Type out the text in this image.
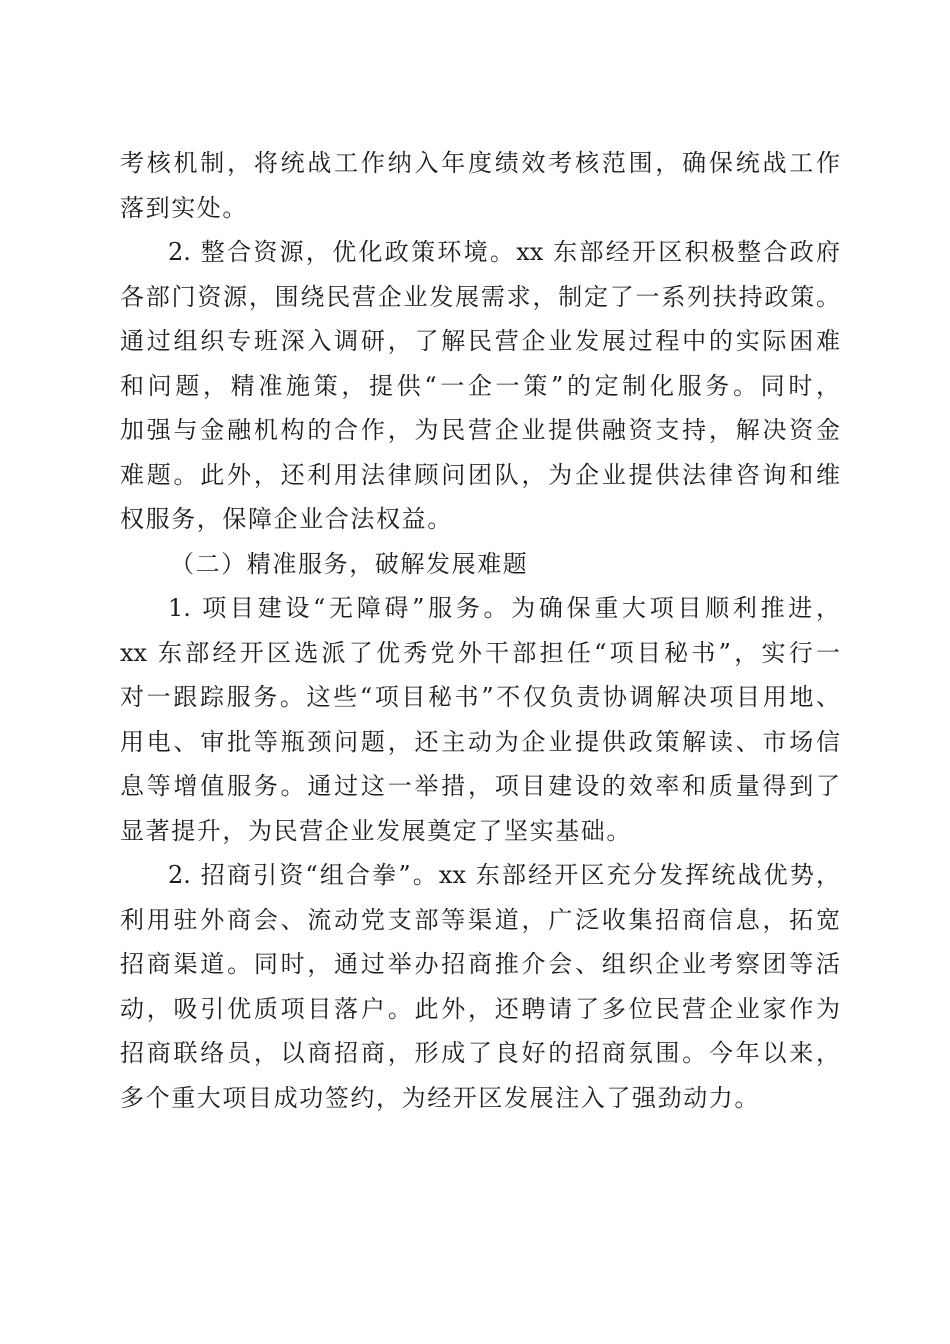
考核机制，将统战工作纳入年度绩效考核范围，确保统战工作
落到实处。
2. 整合资源，优化政策环境。xx 东部经开区积极整合政府
各部门资源，围绕民营企业发展需求，制定了一系列扶持政策。
通过组织专班深入调研，了解民营企业发展过程中的实际困难
和问题，精准施策，提供“一企一策”的定制化服务。同时，
加强与金融机构的合作，为民营企业提供融资支持，解决资金
难题。此外，还利用法律顾问团队，为企业提供法律咨询和维
权服务，保障企业合法权益。
（二）精准服务，破解发展难题
1. 项目建设“无障碍”服务。为确保重大项目顺利推进，
xx 东部经开区选派了优秀党外干部担任“项目秘书”，实行一
对一跟踪服务。这些“项目秘书”不仅负责协调解决项目用地、
用电、审批等瓶颈问题，还主动为企业提供政策解读、市场信
息等增值服务。通过这一举措，项目建设的效率和质量得到了
显著提升，为民营企业发展奠定了坚实基础。
2. 招商引资“组合拳”。xx 东部经开区充分发挥统战优势，
利用驻外商会、流动党支部等渠道，广泛收集招商信息，拓宽
招商渠道。同时，通过举办招商推介会、组织企业考察团等活
动，吸引优质项目落户。此外，还聘请了多位民营企业家作为
招商联络员，以商招商，形成了良好的招商氛围。今年以来，
多个重大项目成功签约，为经开区发展注入了强劲动力。
